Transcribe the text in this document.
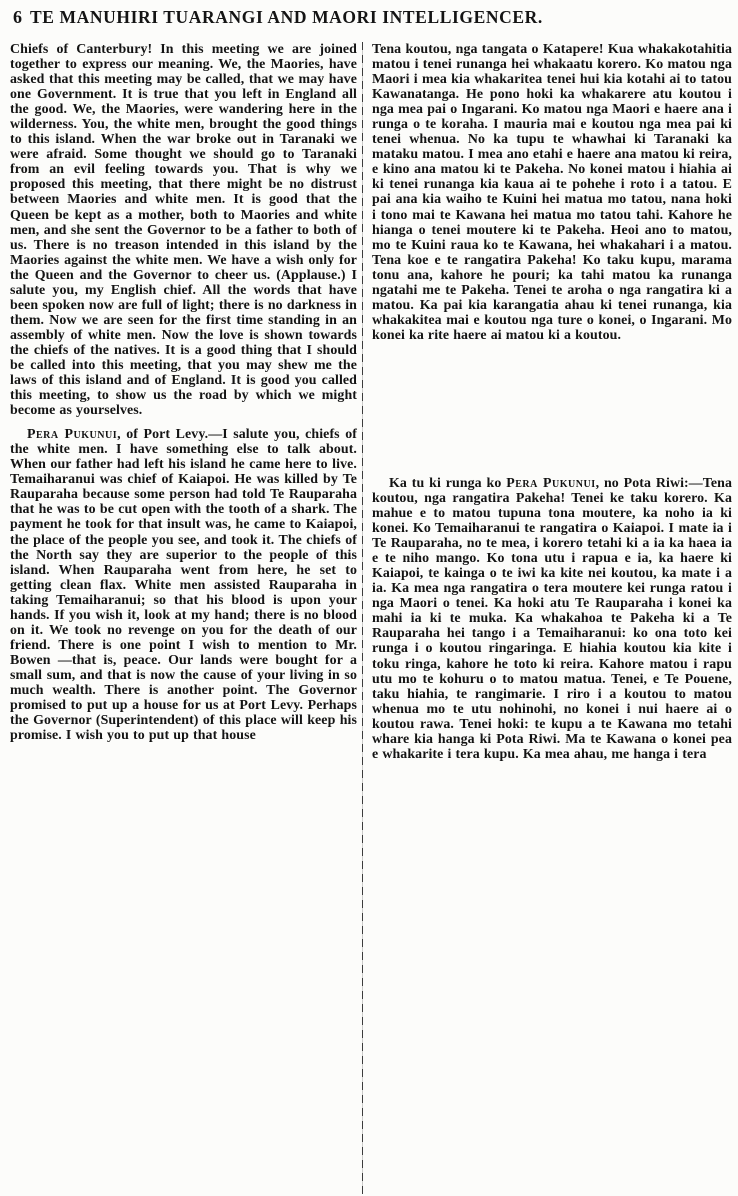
6 TE MANUHIRI TUARANGI AND MAORI INTELLIGENCER.

Chiefs of Canterbury! In this meeting we are joined together to express our meaning. We, the Maories, have asked that this meeting may be called, that we may have one Government. It is true that you left in England all the good. We, the Maories, were wandering here in the wilderness. You, the white men, brought the good things to this island. When the war broke out in Taranaki we were afraid. Some thought we should go to Taranaki from an evil feeling towards you. That is why we proposed this meeting, that there might be no distrust between Maories and white men. It is good that the Queen be kept as a mother, both to Maories and white men, and she sent the Governor to be a father to both of us. There is no treason intended in this island by the Maories against the white men. We have a wish only for the Queen and the Governor to cheer us. (Applause.) I salute you, my English chief. All the words that have been spoken now are full of light; there is no darkness in them. Now we are seen for the first time standing in an assembly of white men. Now the love is shown towards the chiefs of the natives. It is a good thing that I should be called into this meeting, that you may shew me the laws of this island and of England. It is good you called this meeting, to show us the road by which we might become as yourselves.

Pera Pukunui, of Port Levy.—I salute you, chiefs of the white men. I have something else to talk about. When our father had left his island he came here to live. Temaiharanui was chief of Kaiapoi. He was killed by Te Rauparaha because some person had told Te Rauparaha that he was to be cut open with the tooth of a shark. The payment he took for that insult was, he came to Kaiapoi, the place of the people you see, and took it. The chiefs of the North say they are superior to the people of this island. When Rauparaha went from here, he set to getting clean flax. White men assisted Rauparaha in taking Temaiharanui; so that his blood is upon your hands. If you wish it, look at my hand; there is no blood on it. We took no revenge on you for the death of our friend. There is one point I wish to mention to Mr. Bowen —that is, peace. Our lands were bought for a small sum, and that is now the cause of your living in so much wealth. There is another point. The Governor promised to put up a house for us at Port Levy. Perhaps the Governor (Superintendent) of this place will keep his promise. I wish you to put up that house

Tena koutou, nga tangata o Katapere! Kua whakakotahitia matou i tenei runanga hei whakaatu korero. Ko matou nga Maori i mea kia whakaritea tenei hui kia kotahi ai to tatou Kawanatanga. He pono hoki ka whakarere atu koutou i nga mea pai o Ingarani. Ko matou nga Maori e haere ana i runga o te koraha. I mauria mai e koutou nga mea pai ki tenei whenua. No ka tupu te whawhai ki Taranaki ka mataku matou. I mea ano etahi e haere ana matou ki reira, e kino ana matou ki te Pakeha. No konei matou i hiahia ai ki tenei runanga kia kaua ai te pohehe i roto i a tatou. E pai ana kia waiho te Kuini hei matua mo tatou, nana hoki i tono mai te Kawana hei matua mo tatou tahi. Kahore he hianga o tenei moutere ki te Pakeha. Heoi ano to matou, mo te Kuini raua ko te Kawana, hei whakahari i a matou. Tena koe e te rangatira Pakeha! Ko taku kupu, marama tonu ana, kahore he pouri; ka tahi matou ka runanga ngatahi me te Pakeha. Tenei te aroha o nga rangatira ki a matou. Ka pai kia karangatia ahau ki tenei runanga, kia whakakitea mai e koutou nga ture o konei, o Ingarani. Mo konei ka rite haere ai matou ki a koutou.

Ka tu ki runga ko Pera Pukunui, no Pota Riwi:—Tena koutou, nga rangatira Pakeha! Tenei ke taku korero. Ka mahue e to matou tupuna tona moutere, ka noho ia ki konei. Ko Temaiharanui te rangatira o Kaiapoi. I mate ia i Te Rauparaha, no te mea, i korero tetahi ki a ia ka haea ia e te niho mango. Ko tona utu i rapua e ia, ka haere ki Kaiapoi, te kainga o te iwi ka kite nei koutou, ka mate i a ia. Ka mea nga rangatira o tera moutere kei runga ratou i nga Maori o tenei. Ka hoki atu Te Rauparaha i konei ka mahi ia ki te muka. Ka whakahoa te Pakeha ki a Te Rauparaha hei tango i a Temaiharanui: ko ona toto kei runga i o koutou ringaringa. E hiahia koutou kia kite i toku ringa, kahore he toto ki reira. Kahore matou i rapu utu mo te kohuru o to matou matua. Tenei, e Te Pouene, taku hiahia, te rangimarie. I riro i a koutou to matou whenua mo te utu nohinohi, no konei i nui haere ai o koutou rawa. Tenei hoki: te kupu a te Kawana mo tetahi whare kia hanga ki Pota Riwi. Ma te Kawana o konei pea e whakarite i tera kupu. Ka mea ahau, me hanga i tera
